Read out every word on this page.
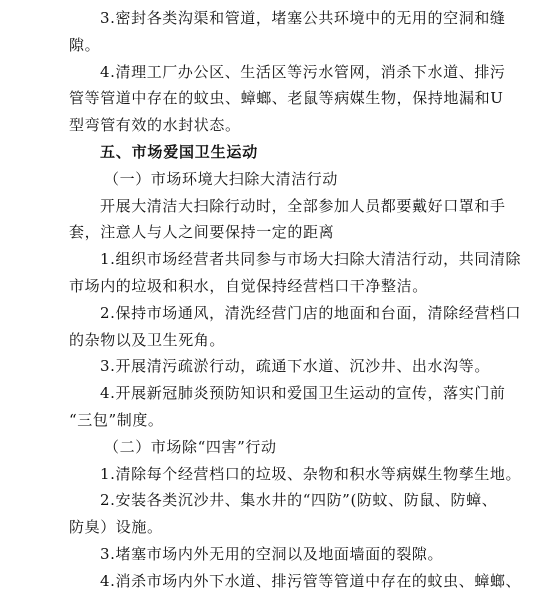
3.密封各类沟渠和管道，堵塞公共环境中的无用的空洞和缝
隙。
4.清理工厂办公区、生活区等污水管网，消杀下水道、排污
管等管道中存在的蚊虫、蟑螂、老鼠等病媒生物，保持地漏和U
型弯管有效的水封状态。
五、市场爱国卫生运动
（一）市场环境大扫除大清洁行动
开展大清洁大扫除行动时，全部参加人员都要戴好口罩和手
套，注意人与人之间要保持一定的距离
1.组织市场经营者共同参与市场大扫除大清洁行动，共同清除
市场内的垃圾和积水，自觉保持经营档口干净整洁。
2.保持市场通风，清洗经营门店的地面和台面，清除经营档口
的杂物以及卫生死角。
3.开展清污疏淤行动，疏通下水道、沉沙井、出水沟等。
4.开展新冠肺炎预防知识和爱国卫生运动的宣传，落实门前
“三包”制度。
（二）市场除“四害”行动
1.清除每个经营档口的垃圾、杂物和积水等病媒生物孳生地。
2.安装各类沉沙井、集水井的“四防”(防蚊、防鼠、防蟑、
防臭）设施。
3.堵塞市场内外无用的空洞以及地面墙面的裂隙。
4.消杀市场内外下水道、排污管等管道中存在的蚊虫、蟑螂、
